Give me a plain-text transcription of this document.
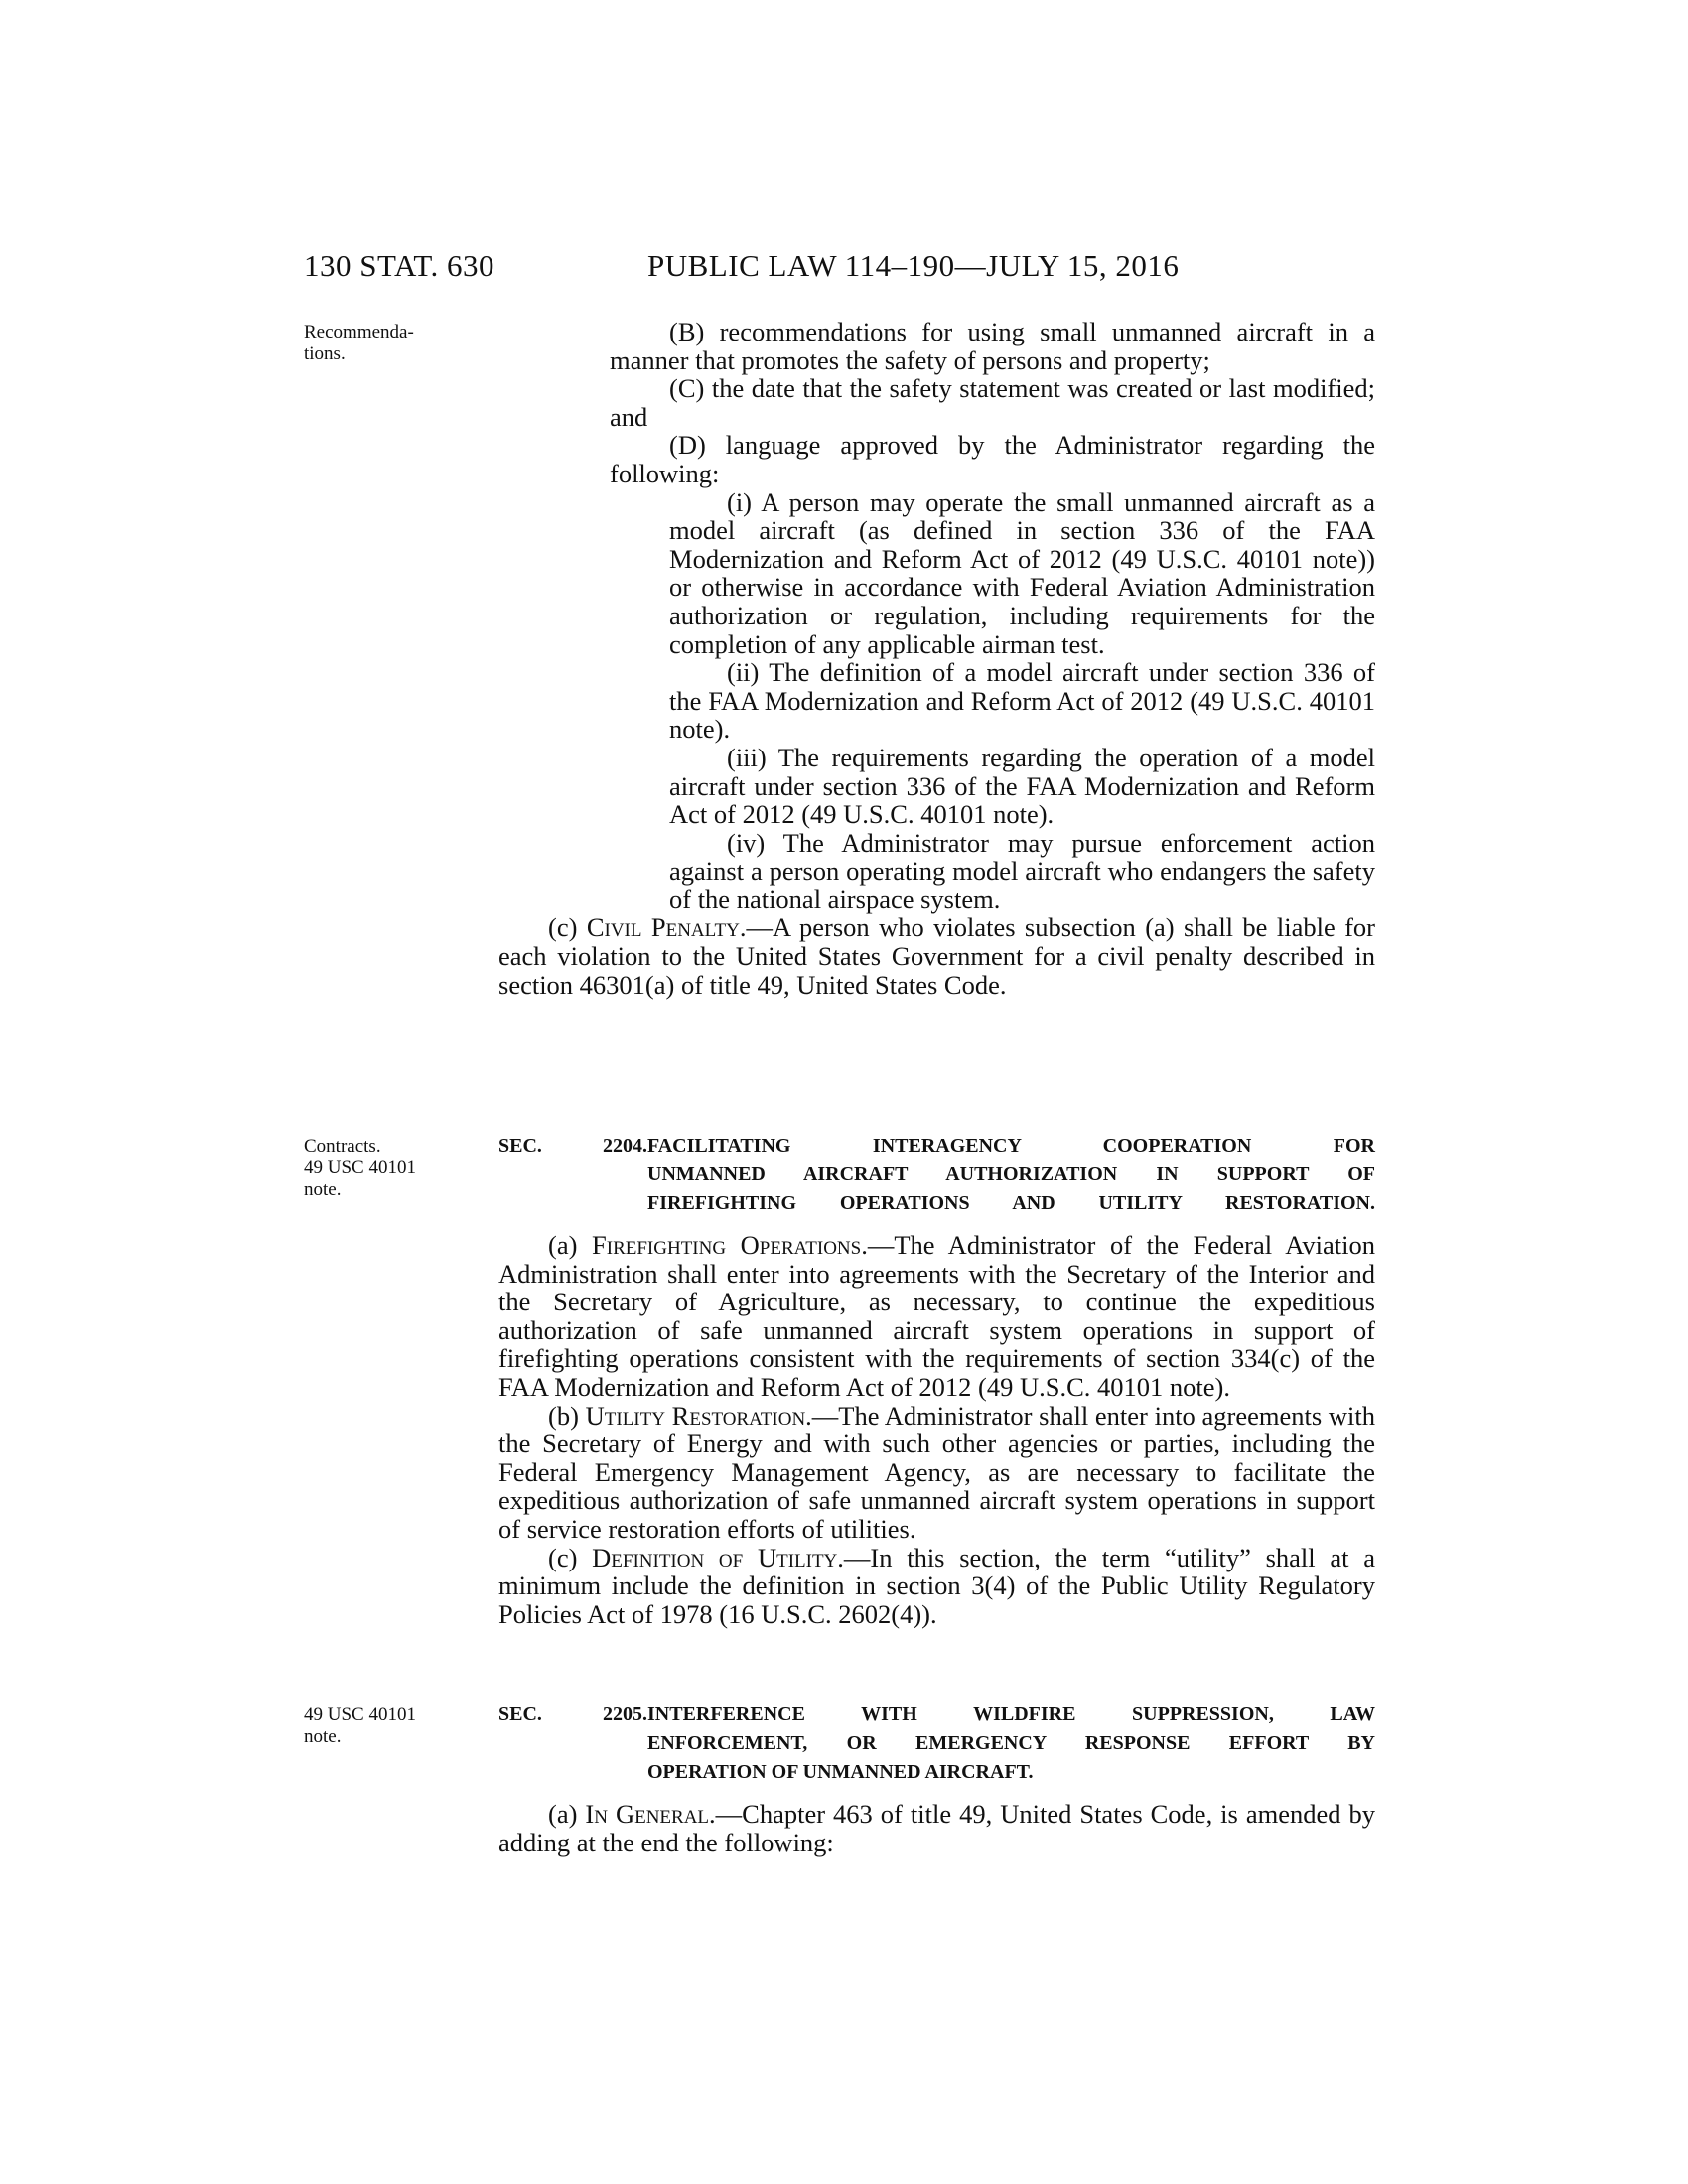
130 STAT. 630	PUBLIC LAW 114–190—JULY 15, 2016
Recommenda-
tions.
Contracts.
49 USC 40101
note.
49 USC 40101
note.
(B) recommendations for using small unmanned aircraft in a manner that promotes the safety of persons and property;
(C) the date that the safety statement was created or last modified; and
(D) language approved by the Administrator regarding the following:
(i) A person may operate the small unmanned aircraft as a model aircraft (as defined in section 336 of the FAA Modernization and Reform Act of 2012 (49 U.S.C. 40101 note)) or otherwise in accordance with Federal Aviation Administration authorization or regulation, including requirements for the completion of any applicable airman test.
(ii) The definition of a model aircraft under section 336 of the FAA Modernization and Reform Act of 2012 (49 U.S.C. 40101 note).
(iii) The requirements regarding the operation of a model aircraft under section 336 of the FAA Modernization and Reform Act of 2012 (49 U.S.C. 40101 note).
(iv) The Administrator may pursue enforcement action against a person operating model aircraft who endangers the safety of the national airspace system.
(c) Civil Penalty.—A person who violates subsection (a) shall be liable for each violation to the United States Government for a civil penalty described in section 46301(a) of title 49, United States Code.
SEC. 2204.FACILITATING INTERAGENCY COOPERATION FOR
UNMANNED AIRCRAFT AUTHORIZATION IN SUPPORT OF
FIREFIGHTING OPERATIONS AND UTILITY RESTORATION.
(a) Firefighting Operations.—The Administrator of the Federal Aviation Administration shall enter into agreements with the Secretary of the Interior and the Secretary of Agriculture, as necessary, to continue the expeditious authorization of safe unmanned aircraft system operations in support of firefighting operations consistent with the requirements of section 334(c) of the FAA Modernization and Reform Act of 2012 (49 U.S.C. 40101 note).
(b) Utility Restoration.—The Administrator shall enter into agreements with the Secretary of Energy and with such other agencies or parties, including the Federal Emergency Management Agency, as are necessary to facilitate the expeditious authorization of safe unmanned aircraft system operations in support of service restoration efforts of utilities.
(c) Definition of Utility.—In this section, the term “utility” shall at a minimum include the definition in section 3(4) of the Public Utility Regulatory Policies Act of 1978 (16 U.S.C. 2602(4)).
SEC. 2205.INTERFERENCE WITH WILDFIRE SUPPRESSION, LAW
ENFORCEMENT, OR EMERGENCY RESPONSE EFFORT BY
OPERATION OF UNMANNED AIRCRAFT.
(a) In General.—Chapter 463 of title 49, United States Code, is amended by adding at the end the following:
